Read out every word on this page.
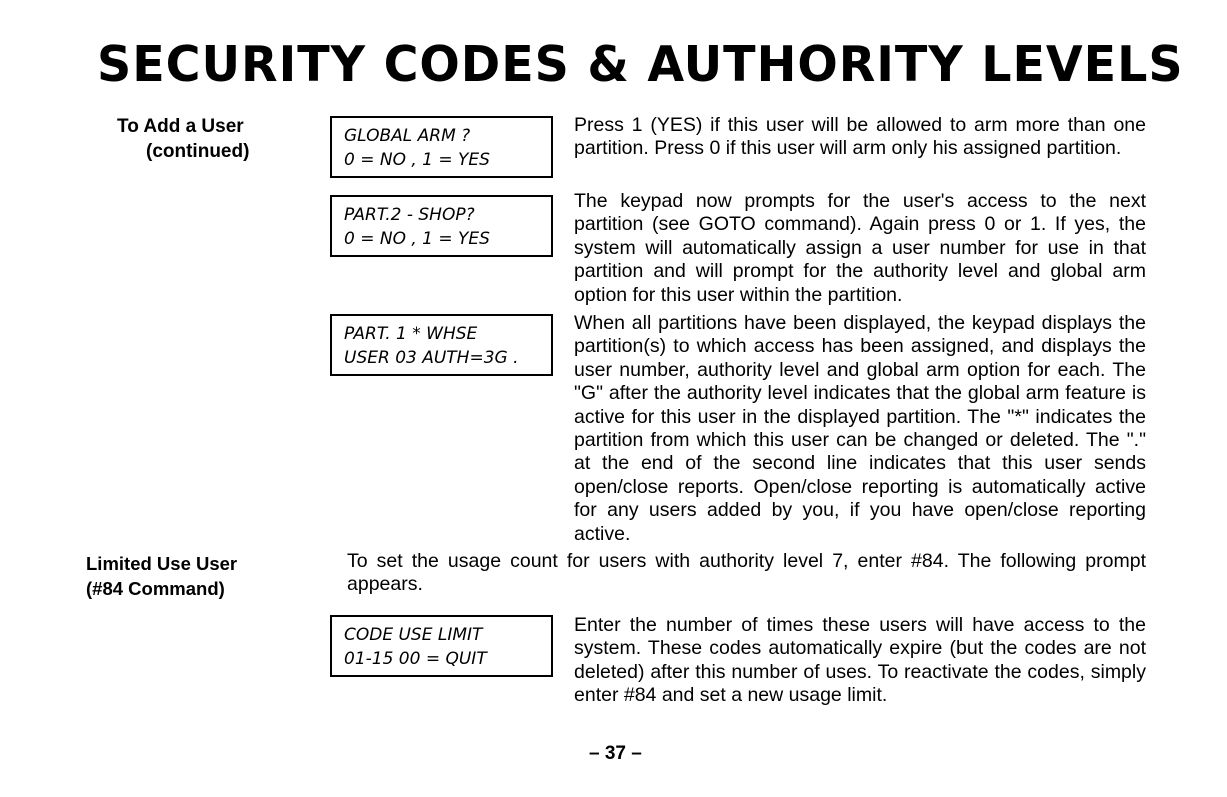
SECURITY CODES & AUTHORITY LEVELS
To Add a User
(continued)
Limited Use User
(#84 Command)
GLOBAL ARM ?
0 = NO , 1 = YES
PART.2 - SHOP?
0 = NO , 1 = YES
PART. 1 * WHSE
USER 03 AUTH=3G .
CODE USE LIMIT
01-15 00 = QUIT

Press 1 (YES) if this user will be allowed to arm more than one partition. Press 0 if this user will arm only his assigned partition.

The keypad now prompts for the user's access to the next partition (see GOTO command). Again press 0 or 1. If yes, the system will automatically assign a user number for use in that partition and will prompt for the authority level and global arm option for this user within the partition.

When all partitions have been displayed, the keypad displays the partition(s) to which access has been assigned, and displays the user number, authority level and global arm option for each. The "G" after the authority level indicates that the global arm feature is active for this user in the displayed partition. The "*" indicates the partition from which this user can be changed or deleted. The "." at the end of the second line indicates that this user sends open/close reports. Open/close reporting is automatically active for any users added by you, if you have open/close reporting active.

To set the usage count for users with authority level 7, enter #84. The following prompt appears.

Enter the number of times these users will have access to the system. These codes automatically expire (but the codes are not deleted) after this number of uses. To reactivate the codes, simply enter #84 and set a new usage limit.

– 37 –
